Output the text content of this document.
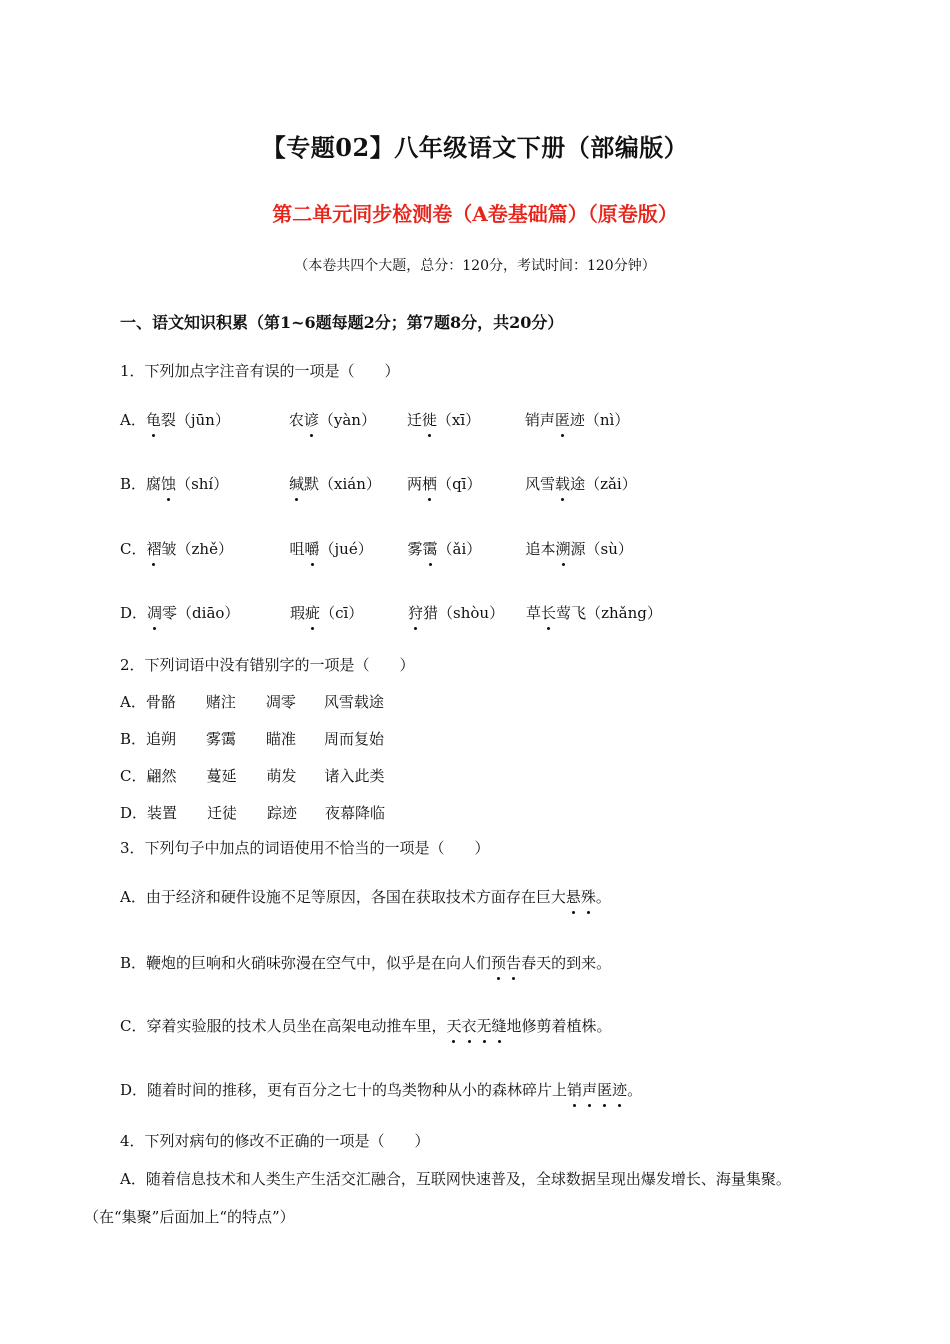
【专题02】八年级语文下册（部编版）
第二单元同步检测卷（A卷基础篇）（原卷版）
（本卷共四个大题，总分：120分，考试时间：120分钟）
一、语文知识积累（第1~6题每题2分；第7题8分，共20分）
1．下列加点字注音有误的一项是（　　）
A．龟裂（jūn）	农谚（yàn） 迁徙（xī）	销声匿迹（nì）
B．腐蚀（shí）	缄默（xián） 两栖（qī）	风雪载途（zǎi）
C．褶皱（zhě）	咀嚼（jué） 雾霭（ǎi）	追本溯源（sù）
D．凋零（diāo）	瑕疵（cī）	狩猎（shòu） 草长莺飞（zhǎng）
2．下列词语中没有错别字的一项是（　　）
A．骨骼 赌注 凋零 风雪载途
B．追朔 雾霭 瞄准 周而复始
C．翩然 蔓延 萌发 诸入此类
D．装置 迁徒 踪迹 夜幕降临
3．下列句子中加点的词语使用不恰当的一项是（　　）
A．由于经济和硬件设施不足等原因，各国在获取技术方面存在巨大悬殊。
B．鞭炮的巨响和火硝味弥漫在空气中，似乎是在向人们预告春天的到来。
C．穿着实验服的技术人员坐在高架电动推车里，天衣无缝地修剪着植株。
D．随着时间的推移，更有百分之七十的鸟类物种从小的森林碎片上销声匿迹。
4．下列对病句的修改不正确的一项是（　　）
A．随着信息技术和人类生产生活交汇融合，互联网快速普及，全球数据呈现出爆发增长、海量集聚。
（在“集聚”后面加上“的特点”）
